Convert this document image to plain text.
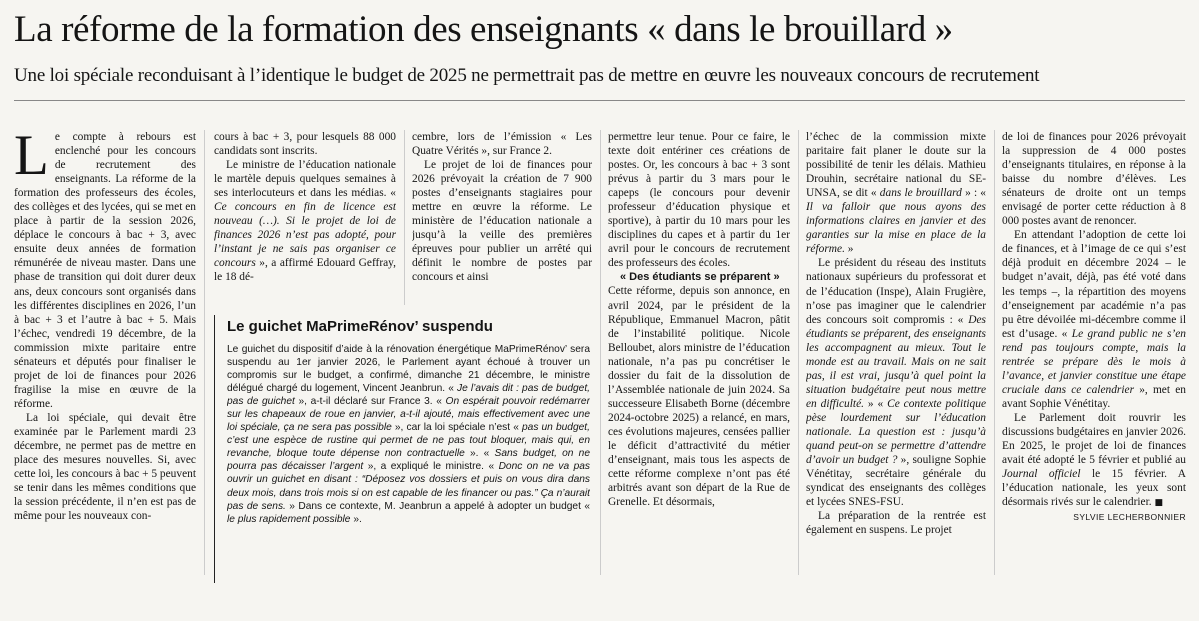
La réforme de la formation des enseignants « dans le brouillard »

Une loi spéciale reconduisant à l’identique le budget de 2025 ne permettrait pas de mettre en œuvre les nouveaux concours de recrutement

Le compte à rebours est enclenché pour les concours de recrutement des enseignants. La réforme de la formation des professeurs des écoles, des collèges et des lycées, qui se met en place à partir de la session 2026, déplace le concours à bac + 3, avec ensuite deux années de formation rémunérée de niveau master. Dans une phase de transition qui doit durer deux ans, deux concours sont organisés dans les différentes disciplines en 2026, l’un à bac + 3 et l’autre à bac + 5. Mais l’échec, vendredi 19 décembre, de la commission mixte paritaire entre sénateurs et députés pour finaliser le projet de loi de finances pour 2026 fragilise la mise en œuvre de la réforme.

La loi spéciale, qui devait être examinée par le Parlement mardi 23 décembre, ne permet pas de mettre en place des mesures nouvelles. Si, avec cette loi, les concours à bac + 5 peuvent se tenir dans les mêmes conditions que la session précédente, il n’en est pas de même pour les nouveaux con-

cours à bac + 3, pour lesquels 88 000 candidats sont inscrits.

Le ministre de l’éducation nationale le martèle depuis quelques semaines à ses interlocuteurs et dans les médias. « Ce concours en fin de licence est nouveau (…). Si le projet de loi de finances 2026 n’est pas adopté, pour l’instant je ne sais pas organiser ce concours », a affirmé Edouard Geffray, le 18 dé-

cembre, lors de l’émission « Les Quatre Vérités », sur France 2.

Le projet de loi de finances pour 2026 prévoyait la création de 7 900 postes d’enseignants stagiaires pour mettre en œuvre la réforme. Le ministère de l’éducation nationale a jusqu’à la veille des premières épreuves pour publier un arrêté qui définit le nombre de postes par concours et ainsi

Le guichet MaPrimeRénov’ suspendu
Le guichet du dispositif d’aide à la rénovation énergétique MaPrimeRénov’ sera suspendu au 1er janvier 2026, le Parlement ayant échoué à trouver un compromis sur le budget, a confirmé, dimanche 21 décembre, le ministre délégué chargé du logement, Vincent Jeanbrun. « Je l’avais dit : pas de budget, pas de guichet », a-t-il déclaré sur France 3. « On espérait pouvoir redémarrer sur les chapeaux de roue en janvier, a-t-il ajouté, mais effectivement avec une loi spéciale, ça ne sera pas possible », car la loi spéciale n’est « pas un budget, c’est une espèce de rustine qui permet de ne pas tout bloquer, mais qui, en revanche, bloque toute dépense non contractuelle ». « Sans budget, on ne pourra pas décaisser l’argent », a expliqué le ministre. « Donc on ne va pas ouvrir un guichet en disant : “Déposez vos dossiers et puis on vous dira dans deux mois, dans trois mois si on est capable de les financer ou pas.” Ça n’aurait pas de sens. » Dans ce contexte, M. Jeanbrun a appelé à adopter un budget « le plus rapidement possible ».

permettre leur tenue. Pour ce faire, le texte doit entériner ces créations de postes. Or, les concours à bac + 3 sont prévus à partir du 3 mars pour le capeps (le concours pour devenir professeur d’éducation physique et sportive), à partir du 10 mars pour les disciplines du capes et à partir du 1er avril pour le concours de recrutement des professeurs des écoles.

« Des étudiants se préparent »

Cette réforme, depuis son annonce, en avril 2024, par le président de la République, Emmanuel Macron, pâtit de l’instabilité politique. Nicole Belloubet, alors ministre de l’éducation nationale, n’a pas pu concrétiser le dossier du fait de la dissolution de l’Assemblée nationale de juin 2024. Sa successeure Elisabeth Borne (décembre 2024-octobre 2025) a relancé, en mars, ces évolutions majeures, censées pallier le déficit d’attractivité du métier d’enseignant, mais tous les aspects de cette réforme complexe n’ont pas été arbitrés avant son départ de la Rue de Grenelle. Et désormais,

l’échec de la commission mixte paritaire fait planer le doute sur la possibilité de tenir les délais. Mathieu Drouhin, secrétaire national du SE-UNSA, se dit « dans le brouillard » : « Il va falloir que nous ayons des informations claires en janvier et des garanties sur la mise en place de la réforme. »

Le président du réseau des instituts nationaux supérieurs du professorat et de l’éducation (Inspe), Alain Frugière, n’ose pas imaginer que le calendrier des concours soit compromis : « Des étudiants se préparent, des enseignants les accompagnent au mieux. Tout le monde est au travail. Mais on ne sait pas, il est vrai, jusqu’à quel point la situation budgétaire peut nous mettre en difficulté. » « Ce contexte politique pèse lourdement sur l’éducation nationale. La question est : jusqu’à quand peut-on se permettre d’attendre d’avoir un budget ? », souligne Sophie Vénétitay, secrétaire générale du syndicat des enseignants des collèges et lycées SNES-FSU.

La préparation de la rentrée est également en suspens. Le projet

de loi de finances pour 2026 prévoyait la suppression de 4 000 postes d’enseignants titulaires, en réponse à la baisse du nombre d’élèves. Les sénateurs de droite ont un temps envisagé de porter cette réduction à 8 000 postes avant de renoncer.

En attendant l’adoption de cette loi de finances, et à l’image de ce qui s’est déjà produit en décembre 2024 – le budget n’avait, déjà, pas été voté dans les temps –, la répartition des moyens d’enseignement par académie n’a pas pu être dévoilée mi-décembre comme il est d’usage. « Le grand public ne s’en rend pas toujours compte, mais la rentrée se prépare dès le mois à l’avance, et janvier constitue une étape cruciale dans ce calendrier », met en avant Sophie Vénétitay.

Le Parlement doit rouvrir les discussions budgétaires en janvier 2026. En 2025, le projet de loi de finances avait été adopté le 5 février et publié au Journal officiel le 15 février. A l’éducation nationale, les yeux sont désormais rivés sur le calendrier. ■

SYLVIE LECHERBONNIER
